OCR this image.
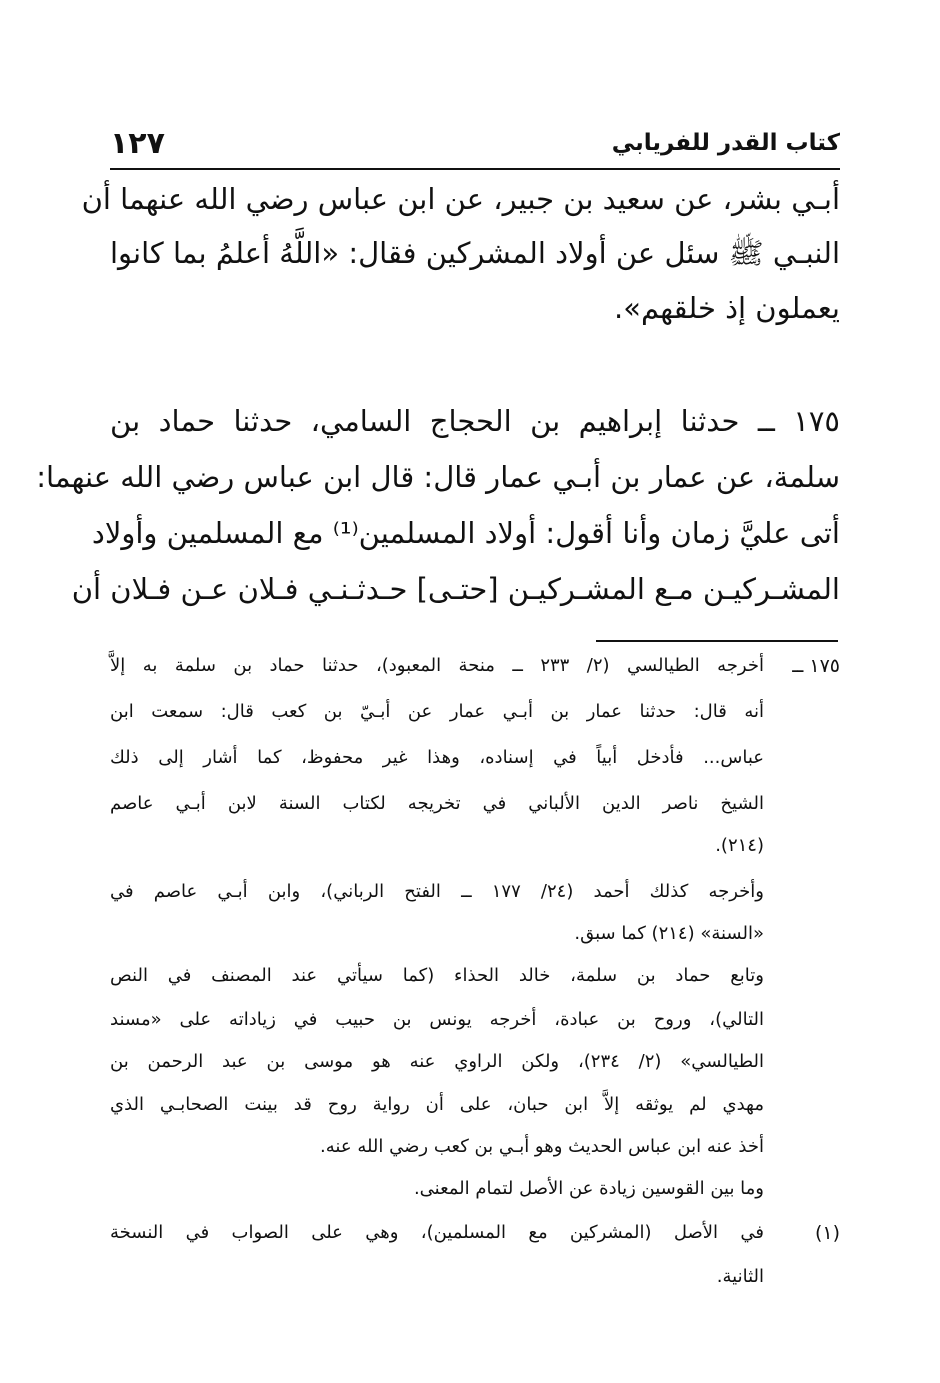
كتاب القدر للفريابي
١٢٧
أبـي بشر، عن سعيد بن جبير، عن ابن عباس رضي الله عنهما أن
النبـي ﷺ سئل عن أولاد المشركين فقال: «اللَّهُ أعلمُ بما كانوا
يعملون إذ خلقهم».
١٧٥ ــ حدثنا إبراهيم بن الحجاج السامي، حدثنا حماد بن
سلمة، عن عمار بن أبـي عمار قال: قال ابن عباس رضي الله عنهما:
أتى عليَّ زمان وأنا أقول: أولاد المسلمين⁽¹⁾ مع المسلمين وأولاد
المشـركيـن مـع المشـركيـن [حتـى] حـدثـنـي فـلان عـن فـلان أن
١٧٥ ــ
أخرجه الطيالسي (٢/ ٢٣٣ ــ منحة المعبود)، حدثنا حماد بن سلمة به إلاَّ
أنه قال: حدثنا عمار بن أبـي عمار عن أبـيّ بن كعب قال: سمعت ابن
عباس... فأدخل أبياً في إسناده، وهذا غير محفوظ، كما أشار إلى ذلك
الشيخ ناصر الدين الألباني في تخريجه لكتاب السنة لابن أبـي عاصم
(٢١٤).
وأخرجه كذلك أحمد (٢٤/ ١٧٧ ــ الفتح الرباني)، وابن أبـي عاصم في
«السنة» (٢١٤) كما سبق.
وتابع حماد بن سلمة، خالد الحذاء (كما سيأتي عند المصنف في النص
التالي)، وروح بن عبادة، أخرجه يونس بن حبيب في زياداته على «مسند
الطيالسي» (٢/ ٢٣٤)، ولكن الراوي عنه هو موسى بن عبد الرحمن بن
مهدي لم يوثقه إلاَّ ابن حبان، على أن رواية روح قد بينت الصحابـي الذي
أخذ عنه ابن عباس الحديث وهو أبـي بن كعب رضي الله عنه.
وما بين القوسين زيادة عن الأصل لتمام المعنى.
(١)
في الأصل (المشركين مع المسلمين)، وهي على الصواب في النسخة
الثانية.
